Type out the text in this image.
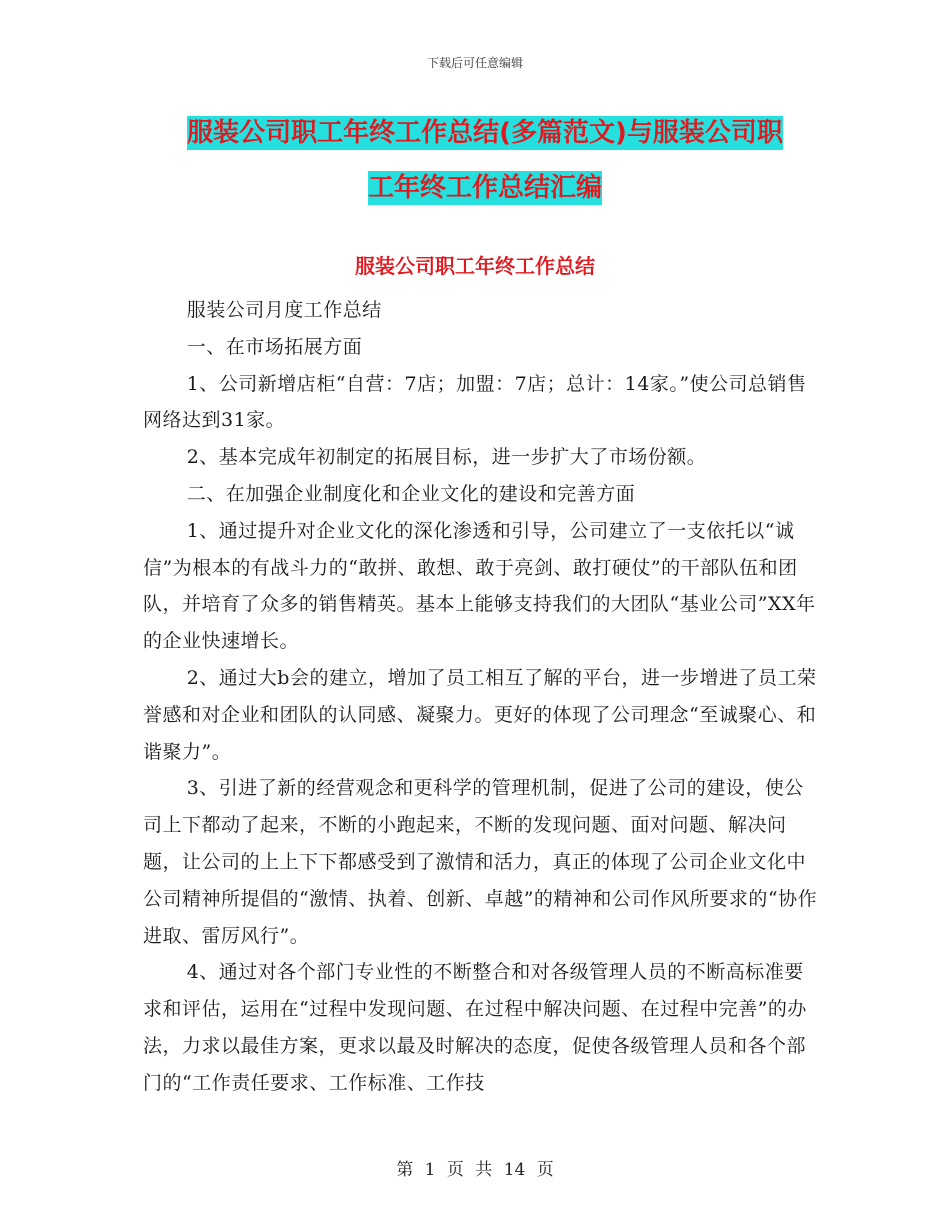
下载后可任意编辑
服装公司职工年终工作总结(多篇范文)与服装公司职
工年终工作总结汇编
服装公司职工年终工作总结

服装公司月度工作总结

一、在市场拓展方面

1、公司新增店柜“自营：7店；加盟：7店；总计：14家。”使公司总销售网络达到31家。

2、基本完成年初制定的拓展目标，进一步扩大了市场份额。

二、在加强企业制度化和企业文化的建设和完善方面

1、通过提升对企业文化的深化渗透和引导，公司建立了一支依托以“诚信”为根本的有战斗力的“敢拼、敢想、敢于亮剑、敢打硬仗”的干部队伍和团队，并培育了众多的销售精英。基本上能够支持我们的大团队“基业公司”XX年的企业快速增长。

2、通过大b会的建立，增加了员工相互了解的平台，进一步增进了员工荣誉感和对企业和团队的认同感、凝聚力。更好的体现了公司理念“至诚聚心、和谐聚力”。

3、引进了新的经营观念和更科学的管理机制，促进了公司的建设，使公司上下都动了起来，不断的小跑起来，不断的发现问题、面对问题、解决问题，让公司的上上下下都感受到了激情和活力，真正的体现了公司企业文化中公司精神所提倡的“激情、执着、创新、卓越”的精神和公司作风所要求的“协作进取、雷厉风行”。

4、通过对各个部门专业性的不断整合和对各级管理人员的不断高标准要求和评估，运用在“过程中发现问题、在过程中解决问题、在过程中完善”的办法，力求以最佳方案，更求以最及时解决的态度，促使各级管理人员和各个部门的“工作责任要求、工作标准、工作技

第 1 页 共 14 页
